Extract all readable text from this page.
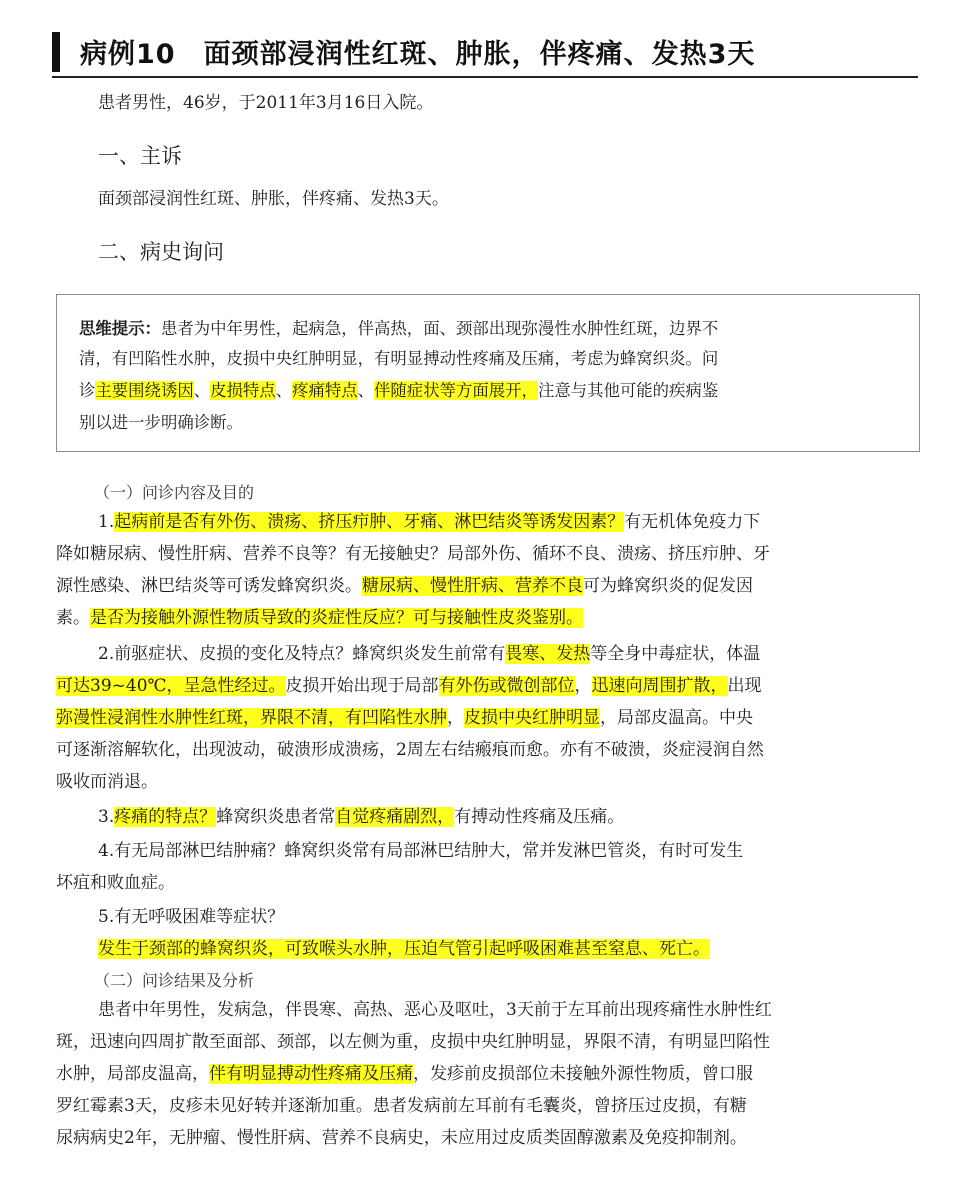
病例10 面颈部浸润性红斑、肿胀，伴疼痛、发热3天
患者男性，46岁，于2011年3月16日入院。
一、主诉
面颈部浸润性红斑、肿胀，伴疼痛、发热3天。
二、病史询问
思维提示：患者为中年男性，起病急，伴高热，面、颈部出现弥漫性水肿性红斑，边界不
清，有凹陷性水肿，皮损中央红肿明显，有明显搏动性疼痛及压痛，考虑为蜂窝织炎。问
诊主要围绕诱因、皮损特点、疼痛特点、伴随症状等方面展开，注意与其他可能的疾病鉴
别以进一步明确诊断。
（一）问诊内容及目的
1.起病前是否有外伤、溃疡、挤压疖肿、牙痛、淋巴结炎等诱发因素？有无机体免疫力下
降如糖尿病、慢性肝病、营养不良等？有无接触史？局部外伤、循环不良、溃疡、挤压疖肿、牙
源性感染、淋巴结炎等可诱发蜂窝织炎。糖尿病、慢性肝病、营养不良可为蜂窝织炎的促发因
素。是否为接触外源性物质导致的炎症性反应？可与接触性皮炎鉴别。
2.前驱症状、皮损的变化及特点？蜂窝织炎发生前常有畏寒、发热等全身中毒症状，体温
可达39~40℃，呈急性经过。皮损开始出现于局部有外伤或微创部位，迅速向周围扩散，出现
弥漫性浸润性水肿性红斑，界限不清，有凹陷性水肿，皮损中央红肿明显，局部皮温高。中央
可逐渐溶解软化，出现波动，破溃形成溃疡，2周左右结瘢痕而愈。亦有不破溃，炎症浸润自然
吸收而消退。
3.疼痛的特点？蜂窝织炎患者常自觉疼痛剧烈，有搏动性疼痛及压痛。
4.有无局部淋巴结肿痛？蜂窝织炎常有局部淋巴结肿大，常并发淋巴管炎，有时可发生
坏疽和败血症。
5.有无呼吸困难等症状？
发生于颈部的蜂窝织炎，可致喉头水肿，压迫气管引起呼吸困难甚至窒息、死亡。
（二）问诊结果及分析
患者中年男性，发病急，伴畏寒、高热、恶心及呕吐，3天前于左耳前出现疼痛性水肿性红
斑，迅速向四周扩散至面部、颈部，以左侧为重，皮损中央红肿明显，界限不清，有明显凹陷性
水肿，局部皮温高，伴有明显搏动性疼痛及压痛，发疹前皮损部位未接触外源性物质，曾口服
罗红霉素3天，皮疹未见好转并逐渐加重。患者发病前左耳前有毛囊炎，曾挤压过皮损，有糖
尿病病史2年，无肿瘤、慢性肝病、营养不良病史，未应用过皮质类固醇激素及免疫抑制剂。
